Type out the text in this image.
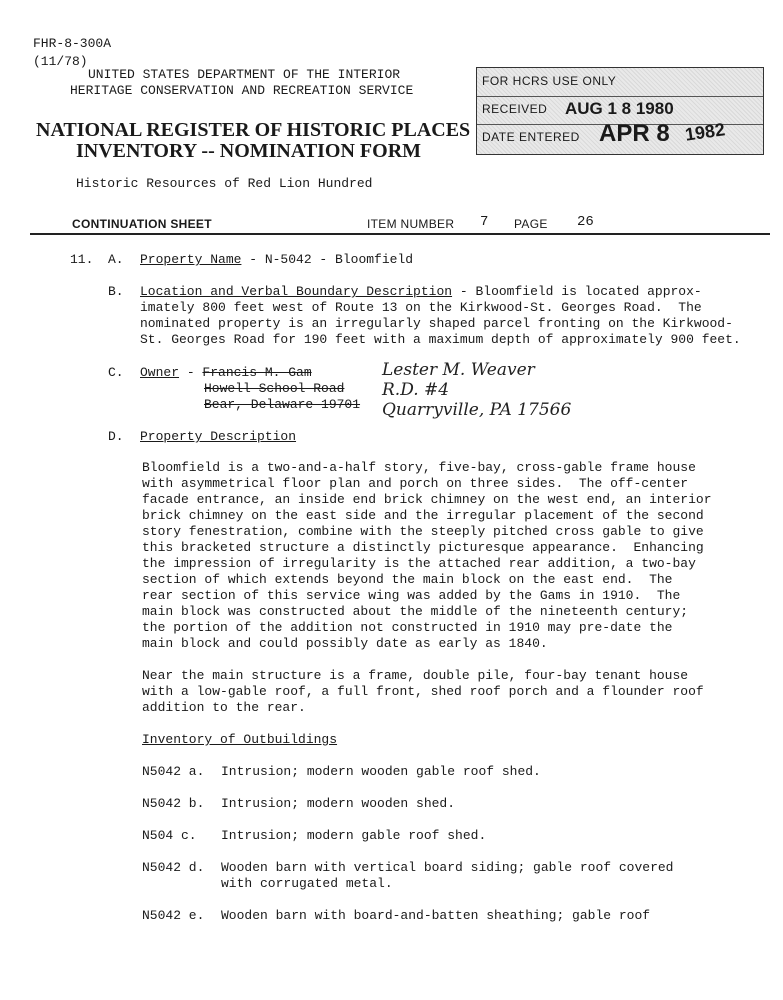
FHR-8-300A
(11/78)
UNITED STATES DEPARTMENT OF THE INTERIOR
HERITAGE CONSERVATION AND RECREATION SERVICE
NATIONAL REGISTER OF HISTORIC PLACES
INVENTORY -- NOMINATION FORM
Historic Resources of Red Lion Hundred
FOR HCRS USE ONLY
RECEIVED AUG 1 8 1980
DATE ENTERED APR 8 1982
CONTINUATION SHEET	ITEM NUMBER 7 PAGE 26
11. A. Property Name - N-5042 - Bloomfield
B. Location and Verbal Boundary Description - Bloomfield is located approx-
imately 800 feet west of Route 13 on the Kirkwood-St. Georges Road.  The
nominated property is an irregularly shaped parcel fronting on the Kirkwood-
St. Georges Road for 190 feet with a maximum depth of approximately 900 feet.
C. Owner - Francis M. Gam
Howell School Road
Bear, Delaware 19701
Lester M. Weaver
R.D. #4
Quarryville, PA 17566
D. Property Description
Bloomfield is a two-and-a-half story, five-bay, cross-gable frame house
with asymmetrical floor plan and porch on three sides.  The off-center
facade entrance, an inside end brick chimney on the west end, an interior
brick chimney on the east side and the irregular placement of the second
story fenestration, combine with the steeply pitched cross gable to give
this bracketed structure a distinctly picturesque appearance.  Enhancing
the impression of irregularity is the attached rear addition, a two-bay
section of which extends beyond the main block on the east end.  The
rear section of this service wing was added by the Gams in 1910.  The
main block was constructed about the middle of the nineteenth century;
the portion of the addition not constructed in 1910 may pre-date the
main block and could possibly date as early as 1840.
Near the main structure is a frame, double pile, four-bay tenant house
with a low-gable roof, a full front, shed roof porch and a flounder roof
addition to the rear.
Inventory of Outbuildings
N5042 a. Intrusion; modern wooden gable roof shed.
N5042 b. Intrusion; modern wooden shed.
N504 c. Intrusion; modern gable roof shed.
N5042 d. Wooden barn with vertical board siding; gable roof covered
with corrugated metal.
N5042 e. Wooden barn with board-and-batten sheathing; gable roof
